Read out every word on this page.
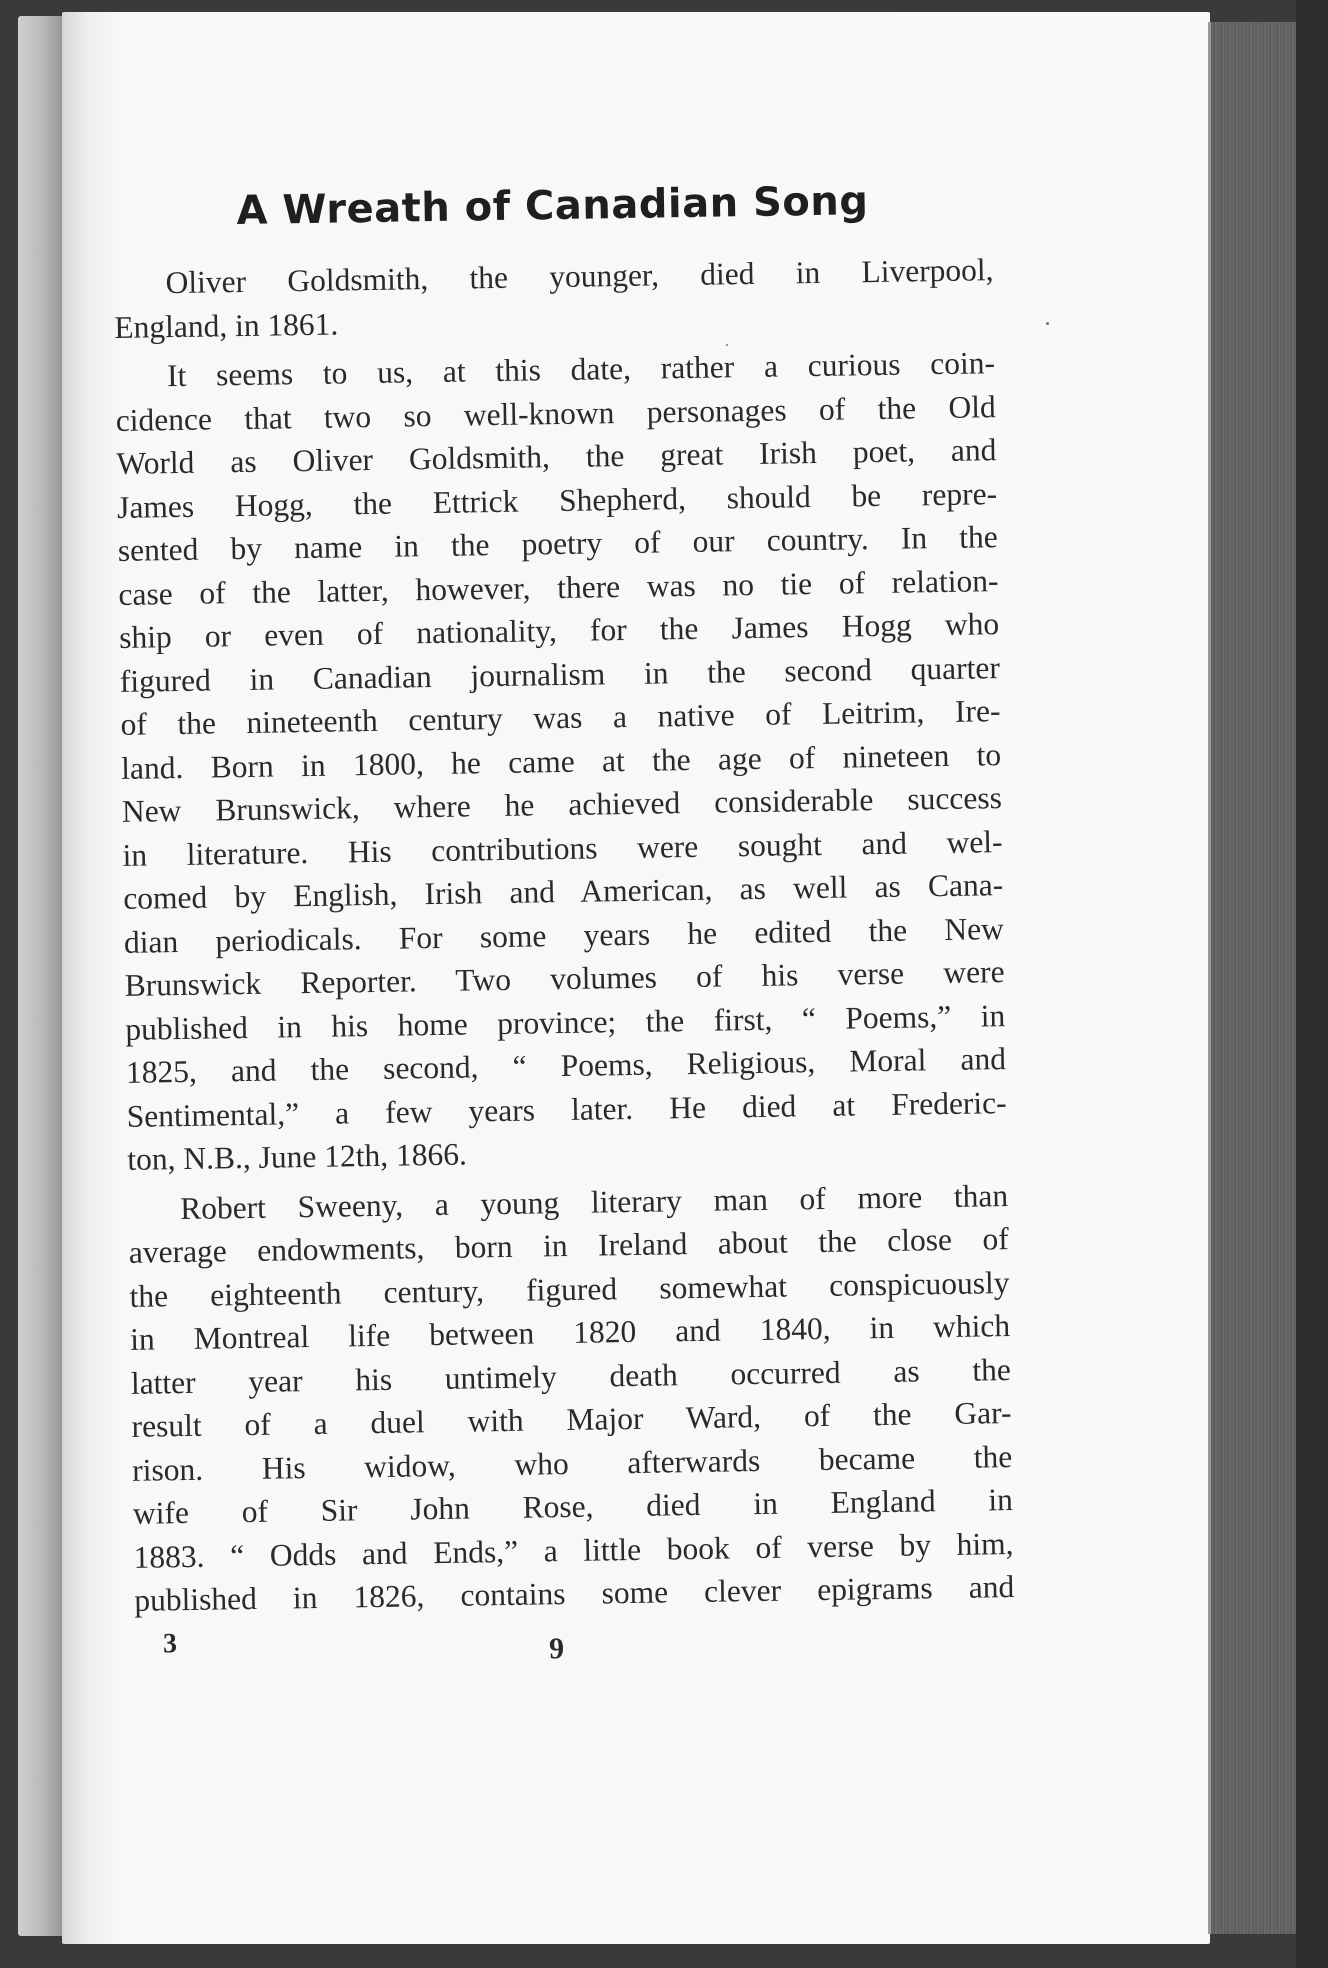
A Wreath of Canadian Song
Oliver Goldsmith, the younger, died in Liverpool,
England, in 1861.
It seems to us, at this date, rather a curious coin-
cidence that two so well-known personages of the Old
World as Oliver Goldsmith, the great Irish poet, and
James Hogg, the Ettrick Shepherd, should be repre-
sented by name in the poetry of our country. In the
case of the latter, however, there was no tie of relation-
ship or even of nationality, for the James Hogg who
figured in Canadian journalism in the second quarter
of the nineteenth century was a native of Leitrim, Ire-
land. Born in 1800, he came at the age of nineteen to
New Brunswick, where he achieved considerable success
in literature. His contributions were sought and wel-
comed by English, Irish and American, as well as Cana-
dian periodicals. For some years he edited the New
Brunswick Reporter. Two volumes of his verse were
published in his home province; the first, “ Poems,” in
1825, and the second, “ Poems, Religious, Moral and
Sentimental,” a few years later. He died at Frederic-
ton, N.B., June 12th, 1866.
Robert Sweeny, a young literary man of more than
average endowments, born in Ireland about the close of
the eighteenth century, figured somewhat conspicuously
in Montreal life between 1820 and 1840, in which
latter year his untimely death occurred as the
result of a duel with Major Ward, of the Gar-
rison. His widow, who afterwards became the
wife of Sir John Rose, died in England in
1883. “ Odds and Ends,” a little book of verse by him,
published in 1826, contains some clever epigrams and
3	9
